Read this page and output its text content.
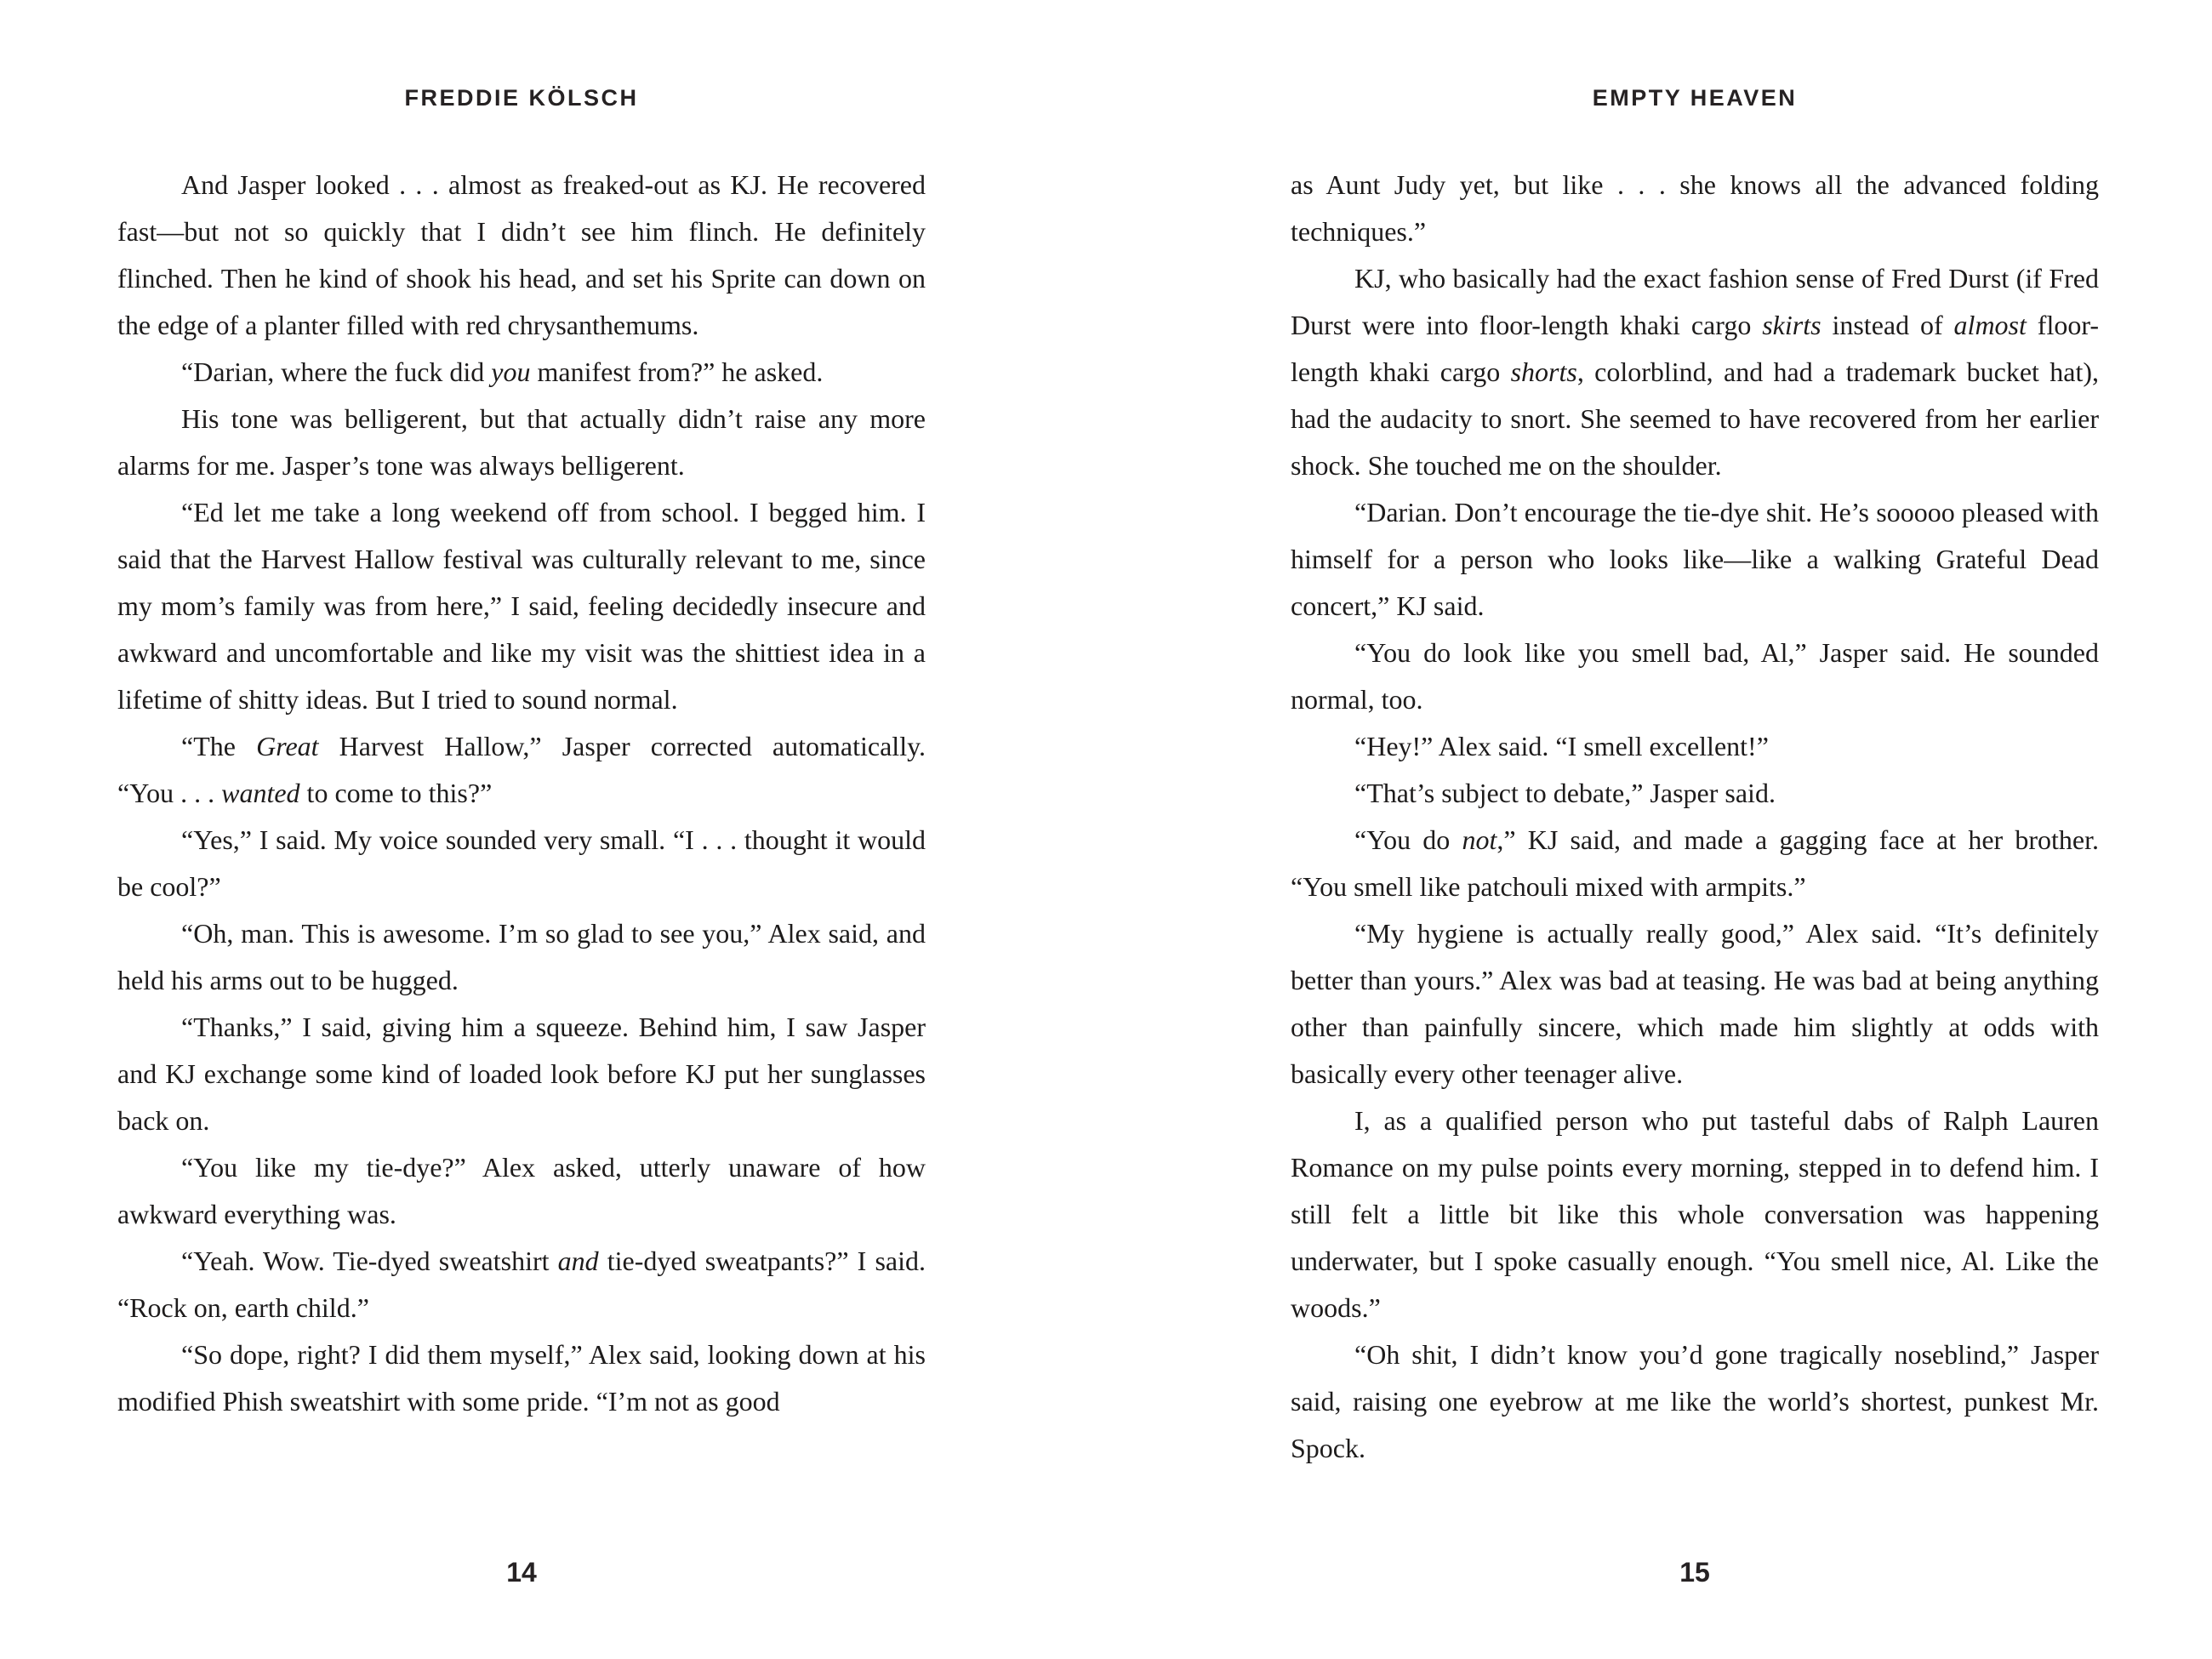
FREDDIE KÖLSCH

And Jasper looked . . . almost as freaked-out as KJ. He recovered fast—but not so quickly that I didn’t see him flinch. He definitely flinched. Then he kind of shook his head, and set his Sprite can down on the edge of a planter filled with red chrysanthemums.

“Darian, where the fuck did you manifest from?” he asked.

His tone was belligerent, but that actually didn’t raise any more alarms for me. Jasper’s tone was always belligerent.

“Ed let me take a long weekend off from school. I begged him. I said that the Harvest Hallow festival was culturally relevant to me, since my mom’s family was from here,” I said, feeling decidedly insecure and awkward and uncomfortable and like my visit was the shittiest idea in a lifetime of shitty ideas. But I tried to sound normal.

“The Great Harvest Hallow,” Jasper corrected automatically. “You . . . wanted to come to this?”

“Yes,” I said. My voice sounded very small. “I . . . thought it would be cool?”

“Oh, man. This is awesome. I’m so glad to see you,” Alex said, and held his arms out to be hugged.

“Thanks,” I said, giving him a squeeze. Behind him, I saw Jasper and KJ exchange some kind of loaded look before KJ put her sunglasses back on.

“You like my tie-dye?” Alex asked, utterly unaware of how awkward everything was.

“Yeah. Wow. Tie-dyed sweatshirt and tie-dyed sweatpants?” I said. “Rock on, earth child.”

“So dope, right? I did them myself,” Alex said, looking down at his modified Phish sweatshirt with some pride. “I’m not as good

14
EMPTY HEAVEN

as Aunt Judy yet, but like . . . she knows all the advanced folding techniques.”

KJ, who basically had the exact fashion sense of Fred Durst (if Fred Durst were into floor-length khaki cargo skirts instead of almost floor-length khaki cargo shorts, colorblind, and had a trademark bucket hat), had the audacity to snort. She seemed to have recovered from her earlier shock. She touched me on the shoulder.

“Darian. Don’t encourage the tie-dye shit. He’s sooooo pleased with himself for a person who looks like—like a walking Grateful Dead concert,” KJ said.

“You do look like you smell bad, Al,” Jasper said. He sounded normal, too.

“Hey!” Alex said. “I smell excellent!”

“That’s subject to debate,” Jasper said.

“You do not,” KJ said, and made a gagging face at her brother. “You smell like patchouli mixed with armpits.”

“My hygiene is actually really good,” Alex said. “It’s definitely better than yours.” Alex was bad at teasing. He was bad at being anything other than painfully sincere, which made him slightly at odds with basically every other teenager alive.

I, as a qualified person who put tasteful dabs of Ralph Lauren Romance on my pulse points every morning, stepped in to defend him. I still felt a little bit like this whole conversation was happening underwater, but I spoke casually enough. “You smell nice, Al. Like the woods.”

“Oh shit, I didn’t know you’d gone tragically noseblind,” Jasper said, raising one eyebrow at me like the world’s shortest, punkest Mr. Spock.

15
